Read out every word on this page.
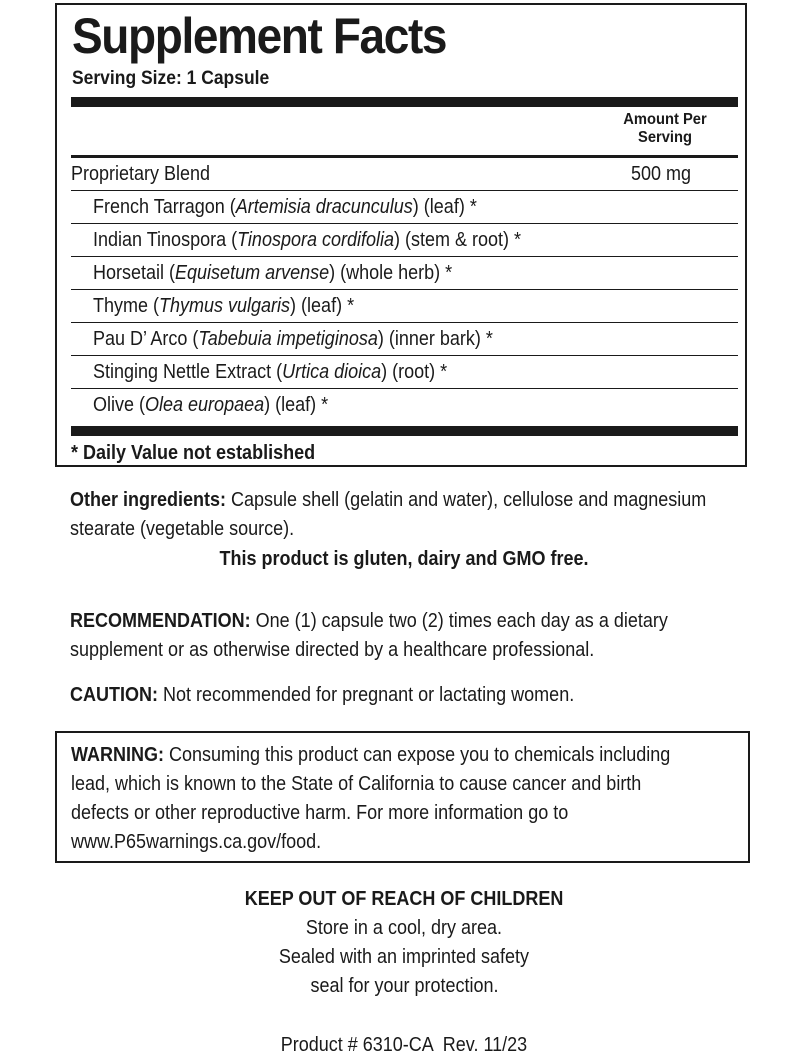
Supplement Facts
Serving Size: 1 Capsule
Amount Per
Serving
Proprietary Blend	500 mg
French Tarragon (Artemisia dracunculus) (leaf) *
Indian Tinospora (Tinospora cordifolia) (stem & root) *
Horsetail (Equisetum arvense) (whole herb) *
Thyme (Thymus vulgaris) (leaf) *
Pau D’ Arco (Tabebuia impetiginosa) (inner bark) *
Stinging Nettle Extract (Urtica dioica) (root) *
Olive (Olea europaea) (leaf) *
* Daily Value not established
Other ingredients: Capsule shell (gelatin and water), cellulose and magnesium
stearate (vegetable source).
This product is gluten, dairy and GMO free.
RECOMMENDATION: One (1) capsule two (2) times each day as a dietary
supplement or as otherwise directed by a healthcare professional.
CAUTION: Not recommended for pregnant or lactating women.
WARNING: Consuming this product can expose you to chemicals including
lead, which is known to the State of California to cause cancer and birth
defects or other reproductive harm. For more information go to
www.P65warnings.ca.gov/food.
KEEP OUT OF REACH OF CHILDREN
Store in a cool, dry area.
Sealed with an imprinted safety
seal for your protection.
Product # 6310-CA  Rev. 11/23
